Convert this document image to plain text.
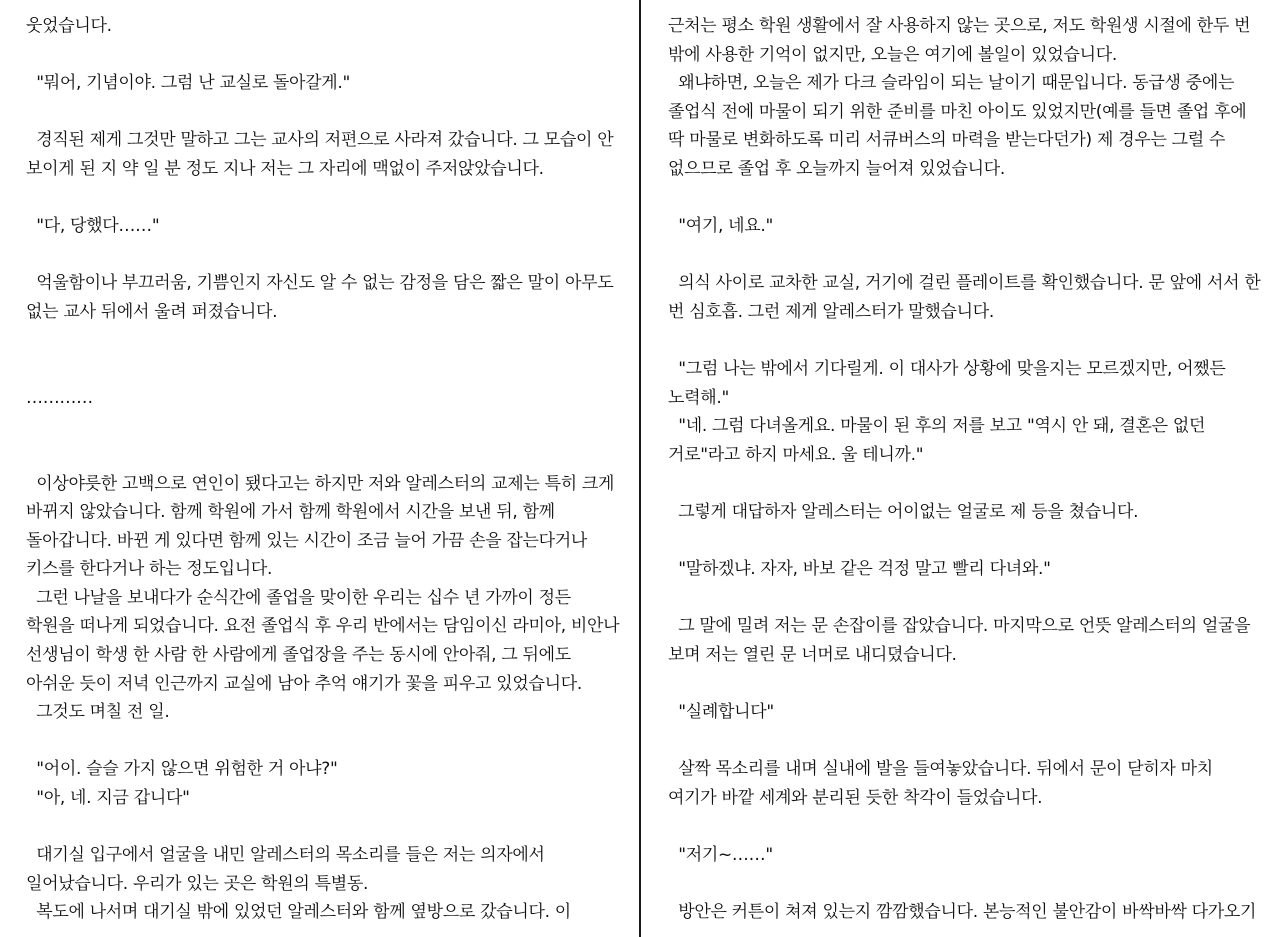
웃었습니다.
"뭐어, 기념이야. 그럼 난 교실로 돌아갈게."
경직된 제게 그것만 말하고 그는 교사의 저편으로 사라져 갔습니다. 그 모습이 안
보이게 된 지 약 일 분 정도 지나 저는 그 자리에 맥없이 주저앉았습니다.
"다, 당했다……"
억울함이나 부끄러움, 기쁨인지 자신도 알 수 없는 감정을 담은 짧은 말이 아무도
없는 교사 뒤에서 울려 퍼졌습니다.
…………
이상야릇한 고백으로 연인이 됐다고는 하지만 저와 알레스터의 교제는 특히 크게
바뀌지 않았습니다. 함께 학원에 가서 함께 학원에서 시간을 보낸 뒤, 함께
돌아갑니다. 바뀐 게 있다면 함께 있는 시간이 조금 늘어 가끔 손을 잡는다거나
키스를 한다거나 하는 정도입니다.
그런 나날을 보내다가 순식간에 졸업을 맞이한 우리는 십수 년 가까이 정든
학원을 떠나게 되었습니다. 요전 졸업식 후 우리 반에서는 담임이신 라미아, 비안나
선생님이 학생 한 사람 한 사람에게 졸업장을 주는 동시에 안아줘, 그 뒤에도
아쉬운 듯이 저녁 인근까지 교실에 남아 추억 얘기가 꽃을 피우고 있었습니다.
그것도 며칠 전 일.
"어이. 슬슬 가지 않으면 위험한 거 아냐?"
"아, 네. 지금 갑니다"
대기실 입구에서 얼굴을 내민 알레스터의 목소리를 들은 저는 의자에서
일어났습니다. 우리가 있는 곳은 학원의 특별동.
복도에 나서며 대기실 밖에 있었던 알레스터와 함께 옆방으로 갔습니다. 이
근처는 평소 학원 생활에서 잘 사용하지 않는 곳으로, 저도 학원생 시절에 한두 번
밖에 사용한 기억이 없지만, 오늘은 여기에 볼일이 있었습니다.
왜냐하면, 오늘은 제가 다크 슬라임이 되는 날이기 때문입니다. 동급생 중에는
졸업식 전에 마물이 되기 위한 준비를 마친 아이도 있었지만(예를 들면 졸업 후에
딱 마물로 변화하도록 미리 서큐버스의 마력을 받는다던가) 제 경우는 그럴 수
없으므로 졸업 후 오늘까지 늘어져 있었습니다.
"여기, 네요."
의식 사이로 교차한 교실, 거기에 걸린 플레이트를 확인했습니다. 문 앞에 서서 한
번 심호흡. 그런 제게 알레스터가 말했습니다.
"그럼 나는 밖에서 기다릴게. 이 대사가 상황에 맞을지는 모르겠지만, 어쨌든
노력해."
"네. 그럼 다녀올게요. 마물이 된 후의 저를 보고 "역시 안 돼, 결혼은 없던
거로"라고 하지 마세요. 울 테니까."
그렇게 대답하자 알레스터는 어이없는 얼굴로 제 등을 쳤습니다.
"말하겠냐. 자자, 바보 같은 걱정 말고 빨리 다녀와."
그 말에 밀려 저는 문 손잡이를 잡았습니다. 마지막으로 언뜻 알레스터의 얼굴을
보며 저는 열린 문 너머로 내디뎠습니다.
"실례합니다"
살짝 목소리를 내며 실내에 발을 들여놓았습니다. 뒤에서 문이 닫히자 마치
여기가 바깥 세계와 분리된 듯한 착각이 들었습니다.
"저기~……"
방안은 커튼이 쳐져 있는지 깜깜했습니다. 본능적인 불안감이 바싹바싹 다가오기
